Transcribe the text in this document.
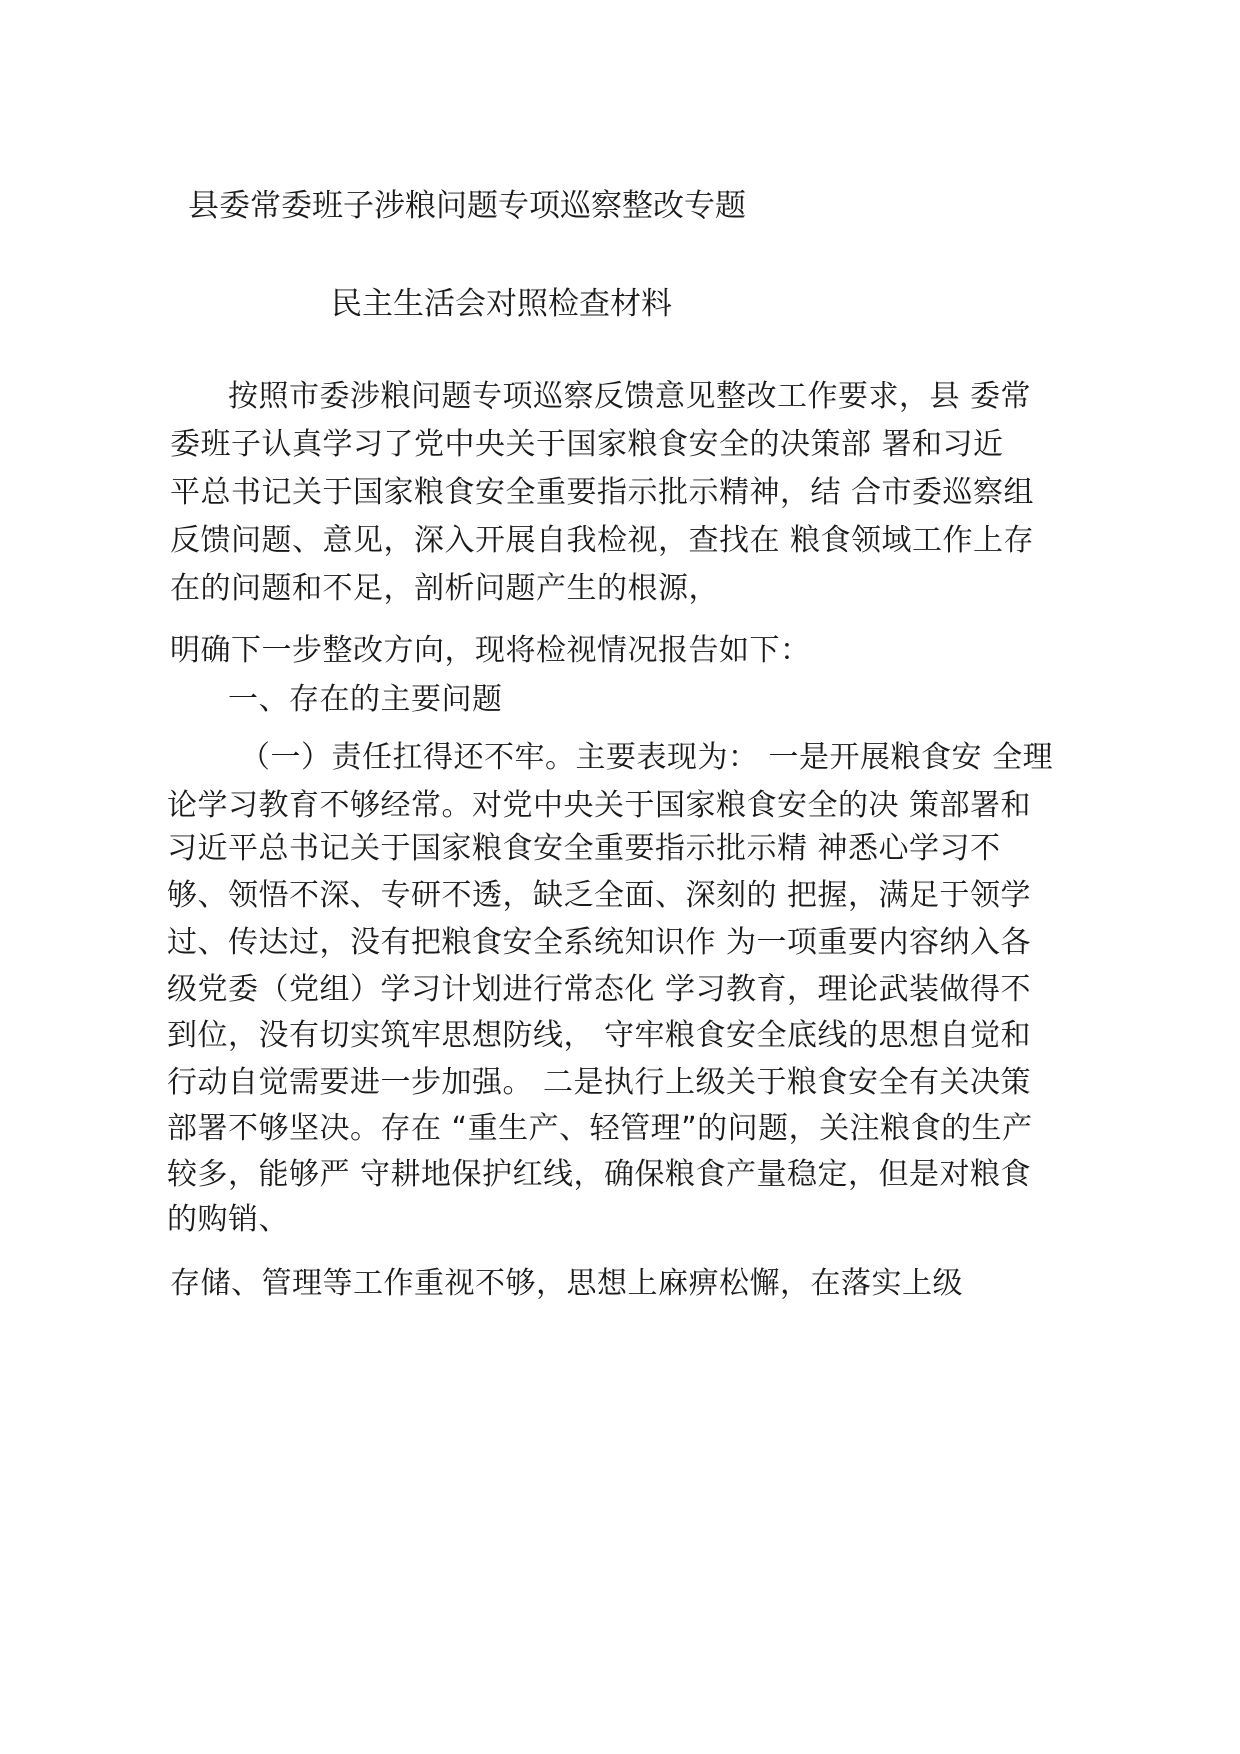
县委常委班子涉粮问题专项巡察整改专题
民主生活会对照检查材料
按照市委涉粮问题专项巡察反馈意见整改工作要求，县 委常
委班子认真学习了党中央关于国家粮食安全的决策部 署和习近
平总书记关于国家粮食安全重要指示批示精神，结 合市委巡察组
反馈问题、意见，深入开展自我检视，查找在 粮食领域工作上存
在的问题和不足，剖析问题产生的根源，
明确下一步整改方向，现将检视情况报告如下：
一、存在的主要问题
（一）责任扛得还不牢。主要表现为： 一是开展粮食安 全理
论学习教育不够经常。对党中央关于国家粮食安全的决 策部署和
习近平总书记关于国家粮食安全重要指示批示精 神悉心学习不
够、领悟不深、专研不透，缺乏全面、深刻的 把握，满足于领学
过、传达过，没有把粮食安全系统知识作 为一项重要内容纳入各
级党委（党组）学习计划进行常态化 学习教育，理论武装做得不
到位，没有切实筑牢思想防线， 守牢粮食安全底线的思想自觉和
行动自觉需要进一步加强。 二是执行上级关于粮食安全有关决策
部署不够坚决。存在 “重生产、轻管理”的问题，关注粮食的生产
较多，能够严 守耕地保护红线，确保粮食产量稳定，但是对粮食
的购销、
存储、管理等工作重视不够，思想上麻痹松懈，在落实上级
